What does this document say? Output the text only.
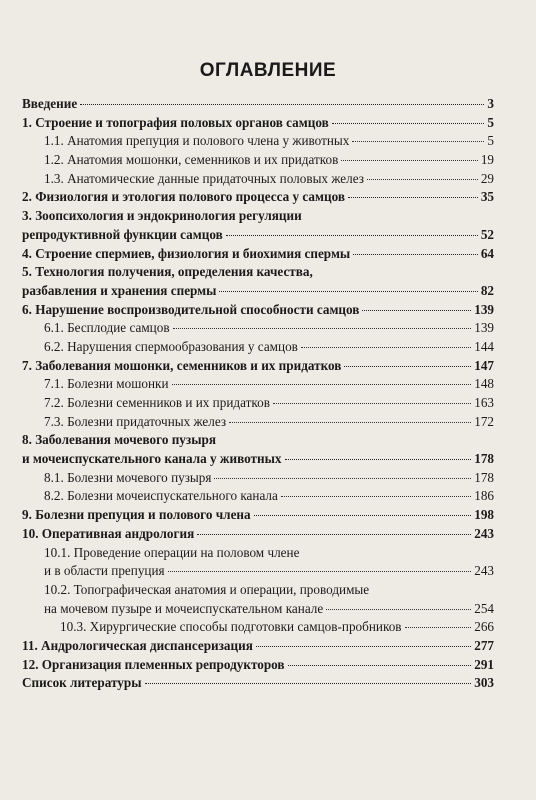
ОГЛАВЛЕНИЕ
Введение	3
1. Строение и топография половых органов самцов	5
1.1. Анатомия препуция и полового члена у животных	5
1.2. Анатомия мошонки, семенников и их придатков	19
1.3. Анатомические данные придаточных половых желез	29
2. Физиология и этология полового процесса у самцов	35
3. Зоопсихология и эндокринология регуляции
репродуктивной функции самцов	52
4. Строение спермиев, физиология и биохимия спермы	64
5. Технология получения, определения качества,
разбавления и хранения спермы	82
6. Нарушение воспроизводительной способности самцов	139
6.1. Бесплодие самцов	139
6.2. Нарушения спермообразования у самцов	144
7. Заболевания мошонки, семенников и их придатков	147
7.1. Болезни мошонки	148
7.2. Болезни семенников и их придатков	163
7.3. Болезни придаточных желез	172
8. Заболевания мочевого пузыря
и мочеиспускательного канала у животных	178
8.1. Болезни мочевого пузыря	178
8.2. Болезни мочеиспускательного канала	186
9. Болезни препуция и полового члена	198
10. Оперативная андрология	243
10.1. Проведение операции на половом члене
и в области препуция	243
10.2. Топографическая анатомия и операции, проводимые
на мочевом пузыре и мочеиспускательном канале	254
10.3. Хирургические способы подготовки самцов-пробников	266
11. Андрологическая диспансеризация	277
12. Организация племенных репродукторов	291
Список литературы	303
